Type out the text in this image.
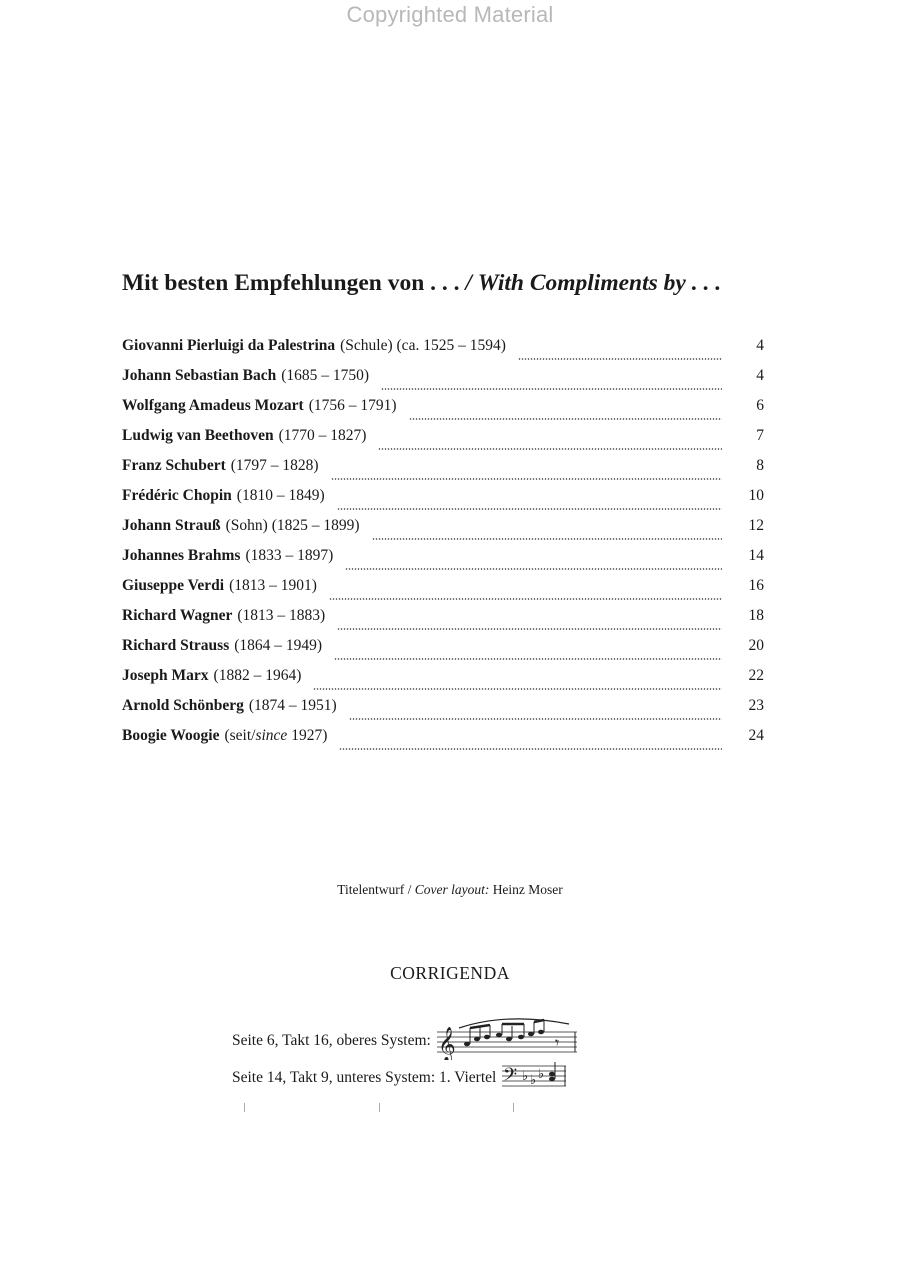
Copyrighted Material
Mit besten Empfehlungen von . . . / With Compliments by . . .
Giovanni Pierluigi da Palestrina (Schule) (ca. 1525 – 1594)	4
Johann Sebastian Bach (1685 – 1750)	4
Wolfgang Amadeus Mozart (1756 – 1791)	6
Ludwig van Beethoven (1770 – 1827)	7
Franz Schubert (1797 – 1828)	8
Frédéric Chopin (1810 – 1849)	10
Johann Strauß (Sohn) (1825 – 1899)	12
Johannes Brahms (1833 – 1897)	14
Giuseppe Verdi (1813 – 1901)	16
Richard Wagner (1813 – 1883)	18
Richard Strauss (1864 – 1949)	20
Joseph Marx (1882 – 1964)	22
Arnold Schönberg (1874 – 1951)	23
Boogie Woogie (seit/since 1927)	24
Titelentwurf / Cover layout: Heinz Moser
CORRIGENDA
Seite 6, Takt 16, oberes System: 𝄞	𝄾
Seite 14, Takt 9, unteres System: 1. Viertel 𝄢 ♭ ♭ ♭
